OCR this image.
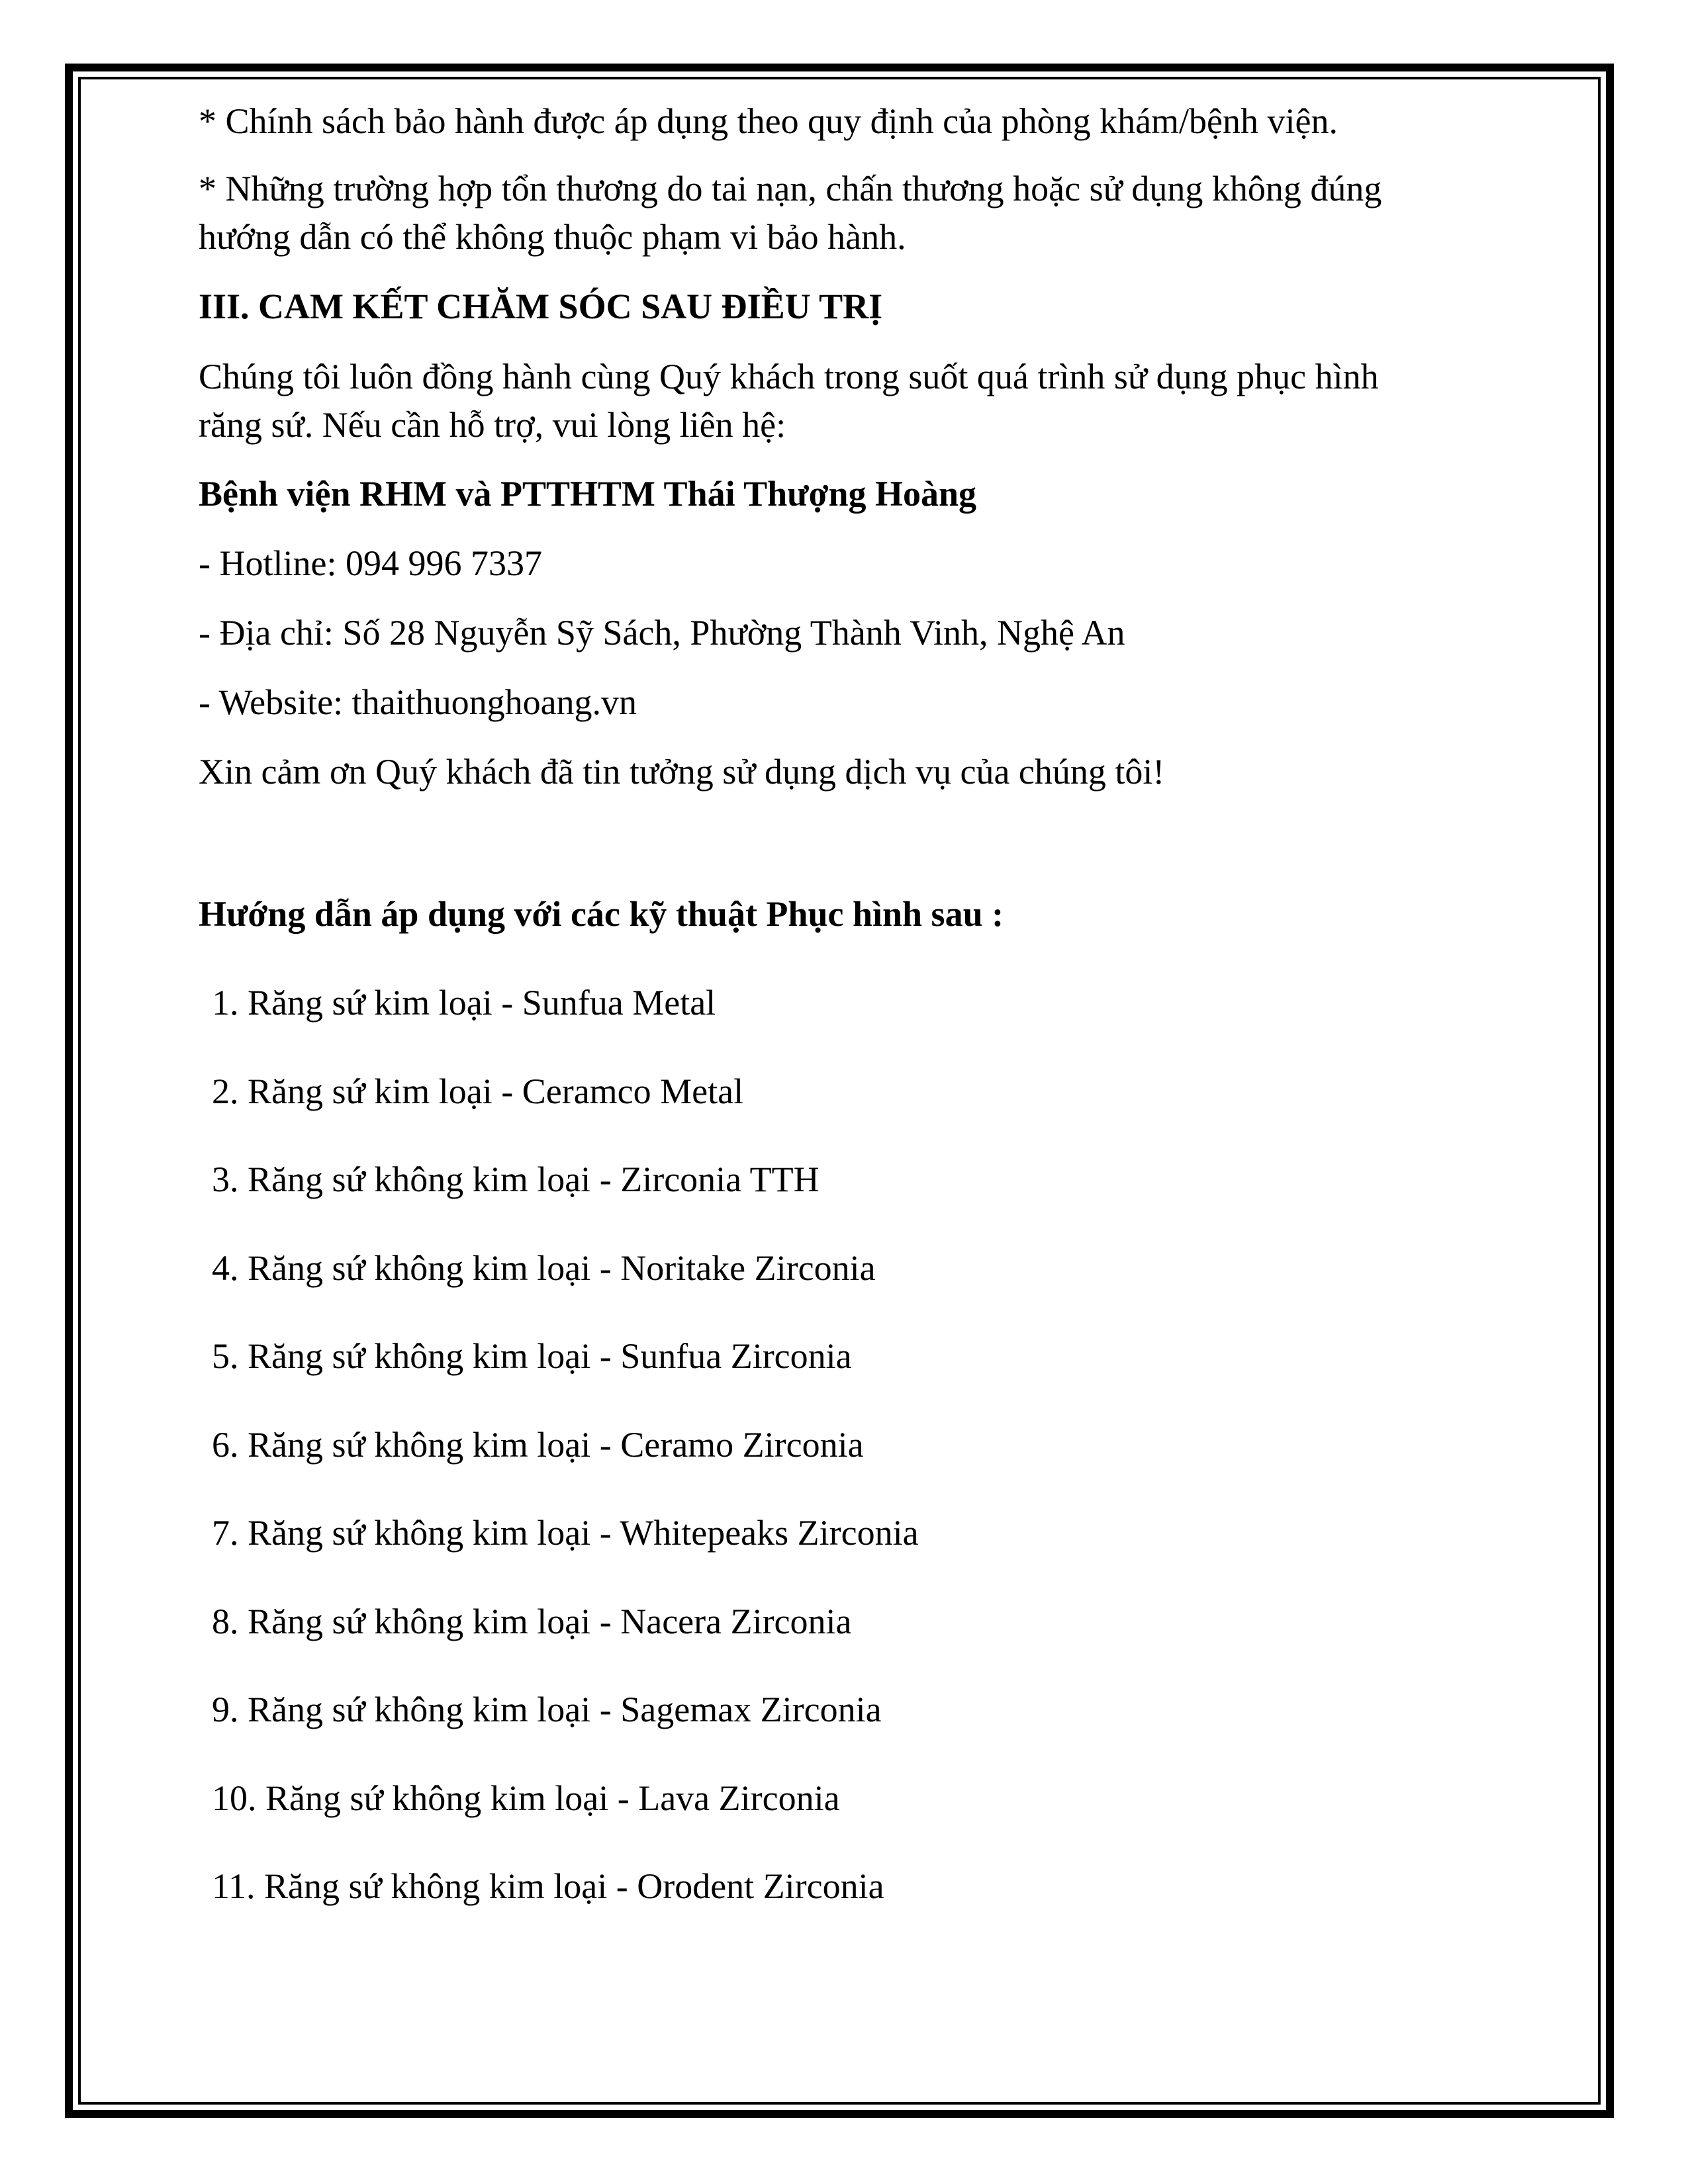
* Chính sách bảo hành được áp dụng theo quy định của phòng khám/bệnh viện.
* Những trường hợp tổn thương do tai nạn, chấn thương hoặc sử dụng không đúng
hướng dẫn có thể không thuộc phạm vi bảo hành.
III. CAM KẾT CHĂM SÓC SAU ĐIỀU TRỊ
Chúng tôi luôn đồng hành cùng Quý khách trong suốt quá trình sử dụng phục hình
răng sứ. Nếu cần hỗ trợ, vui lòng liên hệ:
Bệnh viện RHM và PTTHTM Thái Thượng Hoàng
- Hotline: 094 996 7337
- Địa chỉ: Số 28 Nguyễn Sỹ Sách, Phường Thành Vinh, Nghệ An
- Website: thaithuonghoang.vn
Xin cảm ơn Quý khách đã tin tưởng sử dụng dịch vụ của chúng tôi!
Hướng dẫn áp dụng với các kỹ thuật Phục hình sau :
1. Răng sứ kim loại - Sunfua Metal
2. Răng sứ kim loại - Ceramco Metal
3. Răng sứ không kim loại - Zirconia TTH
4. Răng sứ không kim loại - Noritake Zirconia
5. Răng sứ không kim loại - Sunfua Zirconia
6. Răng sứ không kim loại - Ceramo Zirconia
7. Răng sứ không kim loại - Whitepeaks Zirconia
8. Răng sứ không kim loại - Nacera Zirconia
9. Răng sứ không kim loại - Sagemax Zirconia
10. Răng sứ không kim loại - Lava Zirconia
11. Răng sứ không kim loại - Orodent Zirconia
